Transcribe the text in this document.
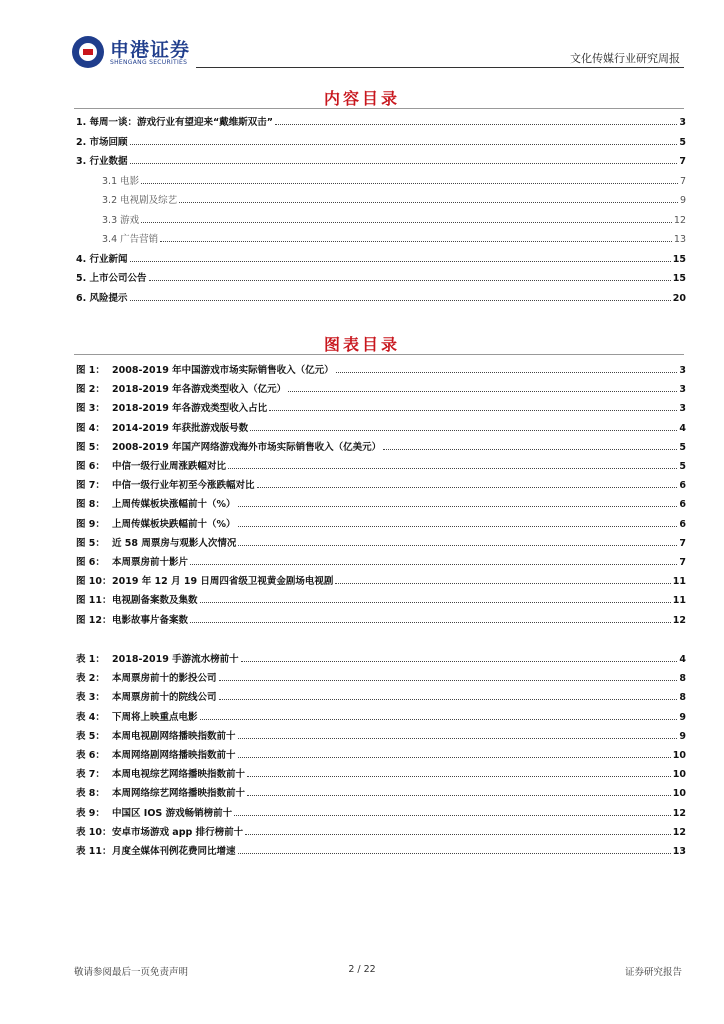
申港证券
SHENGANG SECURITIES	文化传媒行业研究周报
内容目录
1. 每周一谈：游戏行业有望迎来“戴维斯双击”	3
2. 市场回顾	5
3. 行业数据	7
3.1 电影	7
3.2 电视剧及综艺	9
3.3 游戏	12
3.4 广告营销	13
4. 行业新闻	15
5. 上市公司公告	15
6. 风险提示	20
图表目录
图 1： 2008-2019 年中国游戏市场实际销售收入（亿元）	3
图 2： 2018-2019 年各游戏类型收入（亿元）	3
图 3： 2018-2019 年各游戏类型收入占比	3
图 4： 2014-2019 年获批游戏版号数	4
图 5： 2008-2019 年国产网络游戏海外市场实际销售收入（亿美元）	5
图 6： 中信一级行业周涨跌幅对比	5
图 7： 中信一级行业年初至今涨跌幅对比	6
图 8： 上周传媒板块涨幅前十（%）	6
图 9： 上周传媒板块跌幅前十（%）	6
图 5： 近 58 周票房与观影人次情况	7
图 6： 本周票房前十影片	7
图 10：2019 年 12 月 19 日周四省级卫视黄金剧场电视剧	11
图 11：电视剧备案数及集数	11
图 12：电影故事片备案数	12
表 1： 2018-2019 手游流水榜前十	4
表 2： 本周票房前十的影投公司	8
表 3： 本周票房前十的院线公司	8
表 4： 下周将上映重点电影	9
表 5： 本周电视剧网络播映指数前十	9
表 6： 本周网络剧网络播映指数前十	10
表 7： 本周电视综艺网络播映指数前十	10
表 8： 本周网络综艺网络播映指数前十	10
表 9： 中国区 IOS 游戏畅销榜前十	12
表 10：安卓市场游戏 app 排行榜前十	12
表 11：月度全媒体刊例花费同比增速	13
敬请参阅最后一页免责声明	2 / 22	证券研究报告
